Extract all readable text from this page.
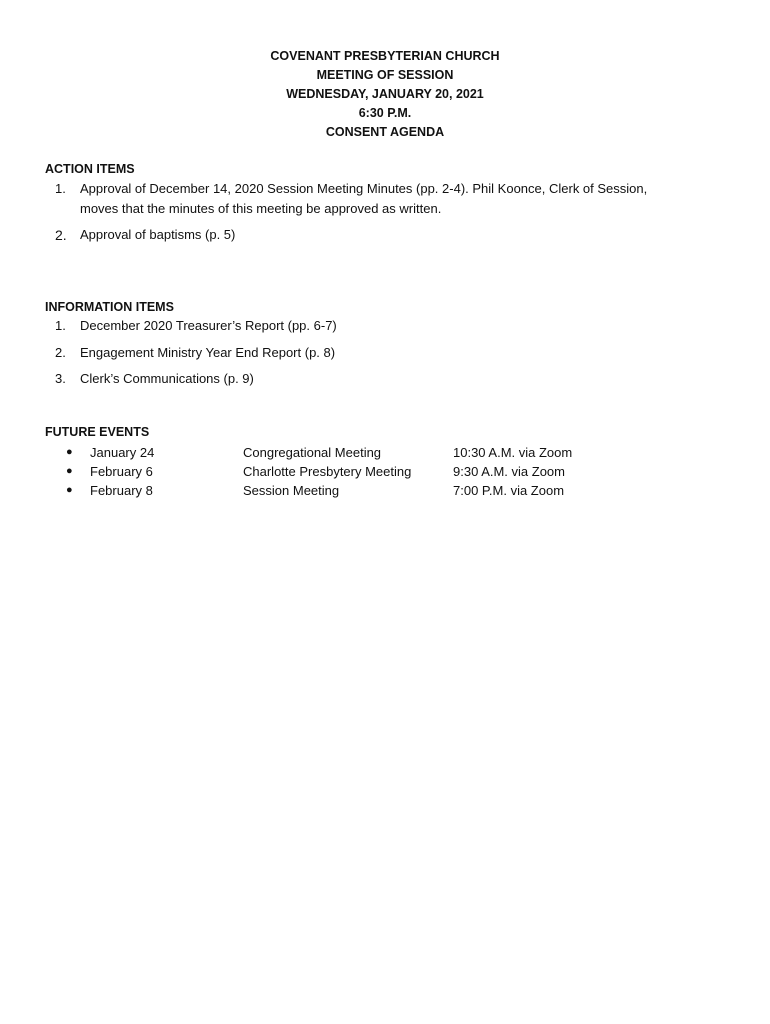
COVENANT PRESBYTERIAN CHURCH
MEETING OF SESSION
WEDNESDAY, JANUARY 20, 2021
6:30 P.M.
CONSENT AGENDA
ACTION ITEMS
1. Approval of December 14, 2020 Session Meeting Minutes (pp. 2-4). Phil Koonce, Clerk of Session, moves that the minutes of this meeting be approved as written.
2. Approval of baptisms (p. 5)
INFORMATION ITEMS
1. December 2020 Treasurer’s Report (pp. 6-7)
2. Engagement Ministry Year End Report (p. 8)
3. Clerk’s Communications (p. 9)
FUTURE EVENTS
● January 24	Congregational Meeting	10:30 A.M. via Zoom
● February 6	Charlotte Presbytery Meeting	9:30 A.M. via Zoom
● February 8	Session Meeting	7:00 P.M. via Zoom
